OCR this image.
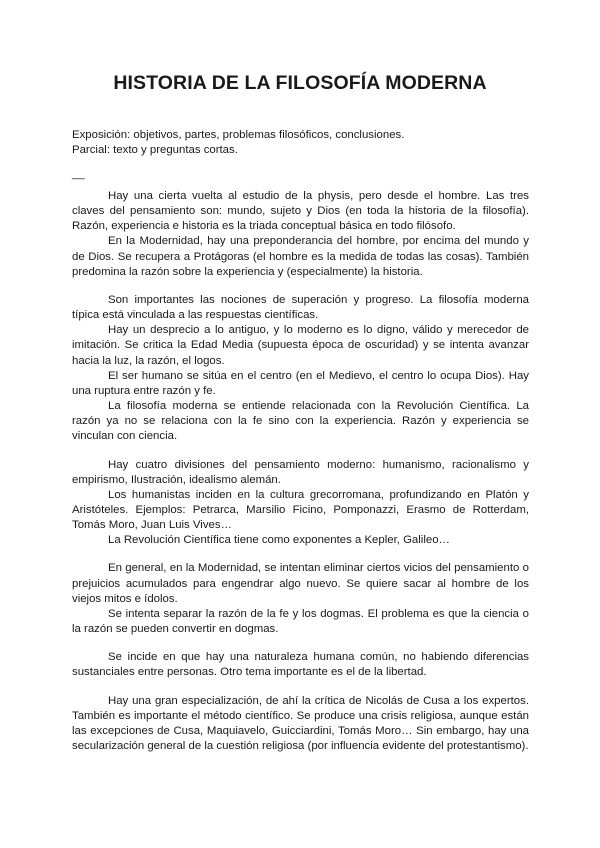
HISTORIA DE LA FILOSOFÍA MODERNA
Exposición: objetivos, partes, problemas filosóficos, conclusiones.
Parcial: texto y preguntas cortas.
__

Hay una cierta vuelta al estudio de la physis, pero desde el hombre. Las tres claves del pensamiento son: mundo, sujeto y Dios (en toda la historia de la filosofía). Razón, experiencia e historia es la triada conceptual básica en todo filósofo.

En la Modernidad, hay una preponderancia del hombre, por encima del mundo y de Dios. Se recupera a Protágoras (el hombre es la medida de todas las cosas). También predomina la razón sobre la experiencia y (especialmente) la historia.

Son importantes las nociones de superación y progreso. La filosofía moderna típica está vinculada a las respuestas científicas.

Hay un desprecio a lo antiguo, y lo moderno es lo digno, válido y merecedor de imitación. Se critica la Edad Media (supuesta época de oscuridad) y se intenta avanzar hacia la luz, la razón, el logos.

El ser humano se sitúa en el centro (en el Medievo, el centro lo ocupa Dios). Hay una ruptura entre razón y fe.

La filosofía moderna se entiende relacionada con la Revolución Científica. La razón ya no se relaciona con la fe sino con la experiencia. Razón y experiencia se vinculan con ciencia.

Hay cuatro divisiones del pensamiento moderno: humanismo, racionalismo y empirismo, Ilustración, idealismo alemán.

Los humanistas inciden en la cultura grecorromana, profundizando en Platón y Aristóteles. Ejemplos: Petrarca, Marsilio Ficino, Pomponazzi, Erasmo de Rotterdam, Tomás Moro, Juan Luis Vives…

La Revolución Científica tiene como exponentes a Kepler, Galileo…

En general, en la Modernidad, se intentan eliminar ciertos vicios del pensamiento o prejuicios acumulados para engendrar algo nuevo. Se quiere sacar al hombre de los viejos mitos e ídolos.

Se intenta separar la razón de la fe y los dogmas. El problema es que la ciencia o la razón se pueden convertir en dogmas.

Se incide en que hay una naturaleza humana común, no habiendo diferencias sustanciales entre personas. Otro tema importante es el de la libertad.

Hay una gran especialización, de ahí la crítica de Nicolás de Cusa a los expertos. También es importante el método científico. Se produce una crisis religiosa, aunque están las excepciones de Cusa, Maquiavelo, Guicciardini, Tomás Moro… Sin embargo, hay una secularización general de la cuestión religiosa (por influencia evidente del protestantismo).
